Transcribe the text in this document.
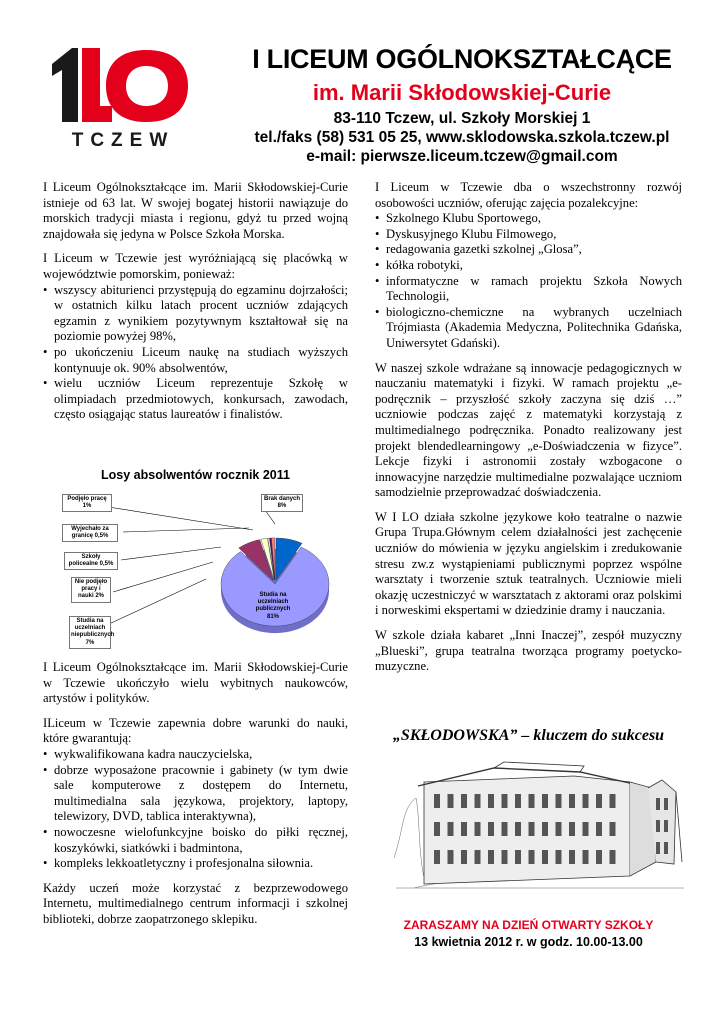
TCZEW
I LICEUM OGÓLNOKSZTAŁCĄCE
im. Marii Skłodowskiej-Curie
83-110 Tczew, ul. Szkoły Morskiej 1
tel./faks (58) 531 05 25, www.sklodowska.szkola.tczew.pl
e-mail: pierwsze.liceum.tczew@gmail.com

I Liceum Ogólnokształcące im. Marii Skłodowskiej-Curie istnieje od 63 lat. W swojej bogatej historii nawiązuje do morskich tradycji miasta i regionu, gdyż tu przed wojną znajdowała się jedyna w Polsce Szkoła Morska.

I Liceum w Tczewie jest wyróżniającą się placówką w województwie pomorskim, ponieważ:

• wszyscy abiturienci przystępują do egzaminu dojrzałości; w ostatnich kilku latach procent uczniów zdających egzamin z wynikiem pozytywnym kształtował się na poziomie powyżej 98%,
• po ukończeniu Liceum naukę na studiach wyższych kontynuuje ok. 90% absolwentów,
• wielu uczniów Liceum reprezentuje Szkołę w olimpiadach przedmiotowych, konkursach, zawodach, często osiągając status laureatów i finalistów.
Losy absolwentów rocznik 2011
Podjęło pracę 1%
Wyjechało za granicę 0,5%
Szkoły policealne 0,5%
Nie podjęło pracy i nauki 2%
Studia na uczelniach niepublicznych 7%
Brak danych 8%
Studia na uczelniach publicznych 81%

I Liceum Ogólnokształcące im. Marii Skłodowskiej-Curie w Tczewie ukończyło wielu wybitnych naukowców, artystów i polityków.

ILiceum w Tczewie zapewnia dobre warunki do nauki, które gwarantują:

• wykwalifikowana kadra nauczycielska,
• dobrze wyposażone pracownie i gabinety (w tym dwie sale komputerowe z dostępem do Internetu, multimedialna sala językowa, projektory, laptopy, telewizory, DVD, tablica interaktywna),
• nowoczesne wielofunkcyjne boisko do piłki ręcznej, koszykówki, siatkówki i badmintona,
• kompleks lekkoatletyczny i profesjonalna siłownia.

Każdy uczeń może korzystać z bezprzewodowego Internetu, multimedialnego centrum informacji i szkolnej biblioteki, dobrze zaopatrzonego sklepiku.

I Liceum w Tczewie dba o wszechstronny rozwój osobowości uczniów, oferując zajęcia pozalekcyjne:

• Szkolnego Klubu Sportowego,
• Dyskusyjnego Klubu Filmowego,
• redagowania gazetki szkolnej „Glosa”,
• kółka robotyki,
• informatyczne w ramach projektu Szkoła Nowych Technologii,
• biologiczno-chemiczne na wybranych uczelniach Trójmiasta (Akademia Medyczna, Politechnika Gdańska, Uniwersytet Gdański).

W naszej szkole wdrażane są innowacje pedagogicznych w nauczaniu matematyki i fizyki. W ramach projektu „e-podręcznik – przyszłość szkoły zaczyna się dziś …” uczniowie podczas zajęć z matematyki korzystają z multimedialnego podręcznika. Ponadto realizowany jest projekt blendedlearningowy „e-Doświadczenia w fizyce”. Lekcje fizyki i astronomii zostały wzbogacone o innowacyjne narzędzie multimedialne pozwalające uczniom samodzielnie przeprowadzać doświadczenia.

W I LO działa szkolne językowe koło teatralne o nazwie Grupa Trupa.Głównym celem działalności jest zachęcenie uczniów do mówienia w języku angielskim i zredukowanie stresu zw.z wystąpieniami publicznymi poprzez wspólne warsztaty i tworzenie sztuk teatralnych. Uczniowie mieli okazję uczestniczyć w warsztatach z aktorami oraz polskimi i norweskimi ekspertami w dziedzinie dramy i nauczania.

W szkole działa kabaret „Inni Inaczej”, zespół muzyczny „Blueski”, grupa teatralna tworząca programy poetycko-muzyczne.

„SKŁODOWSKA” – kluczem do sukcesu
ZARASZAMY NA DZIEŃ OTWARTY SZKOŁY
13 kwietnia 2012 r. w godz. 10.00-13.00
